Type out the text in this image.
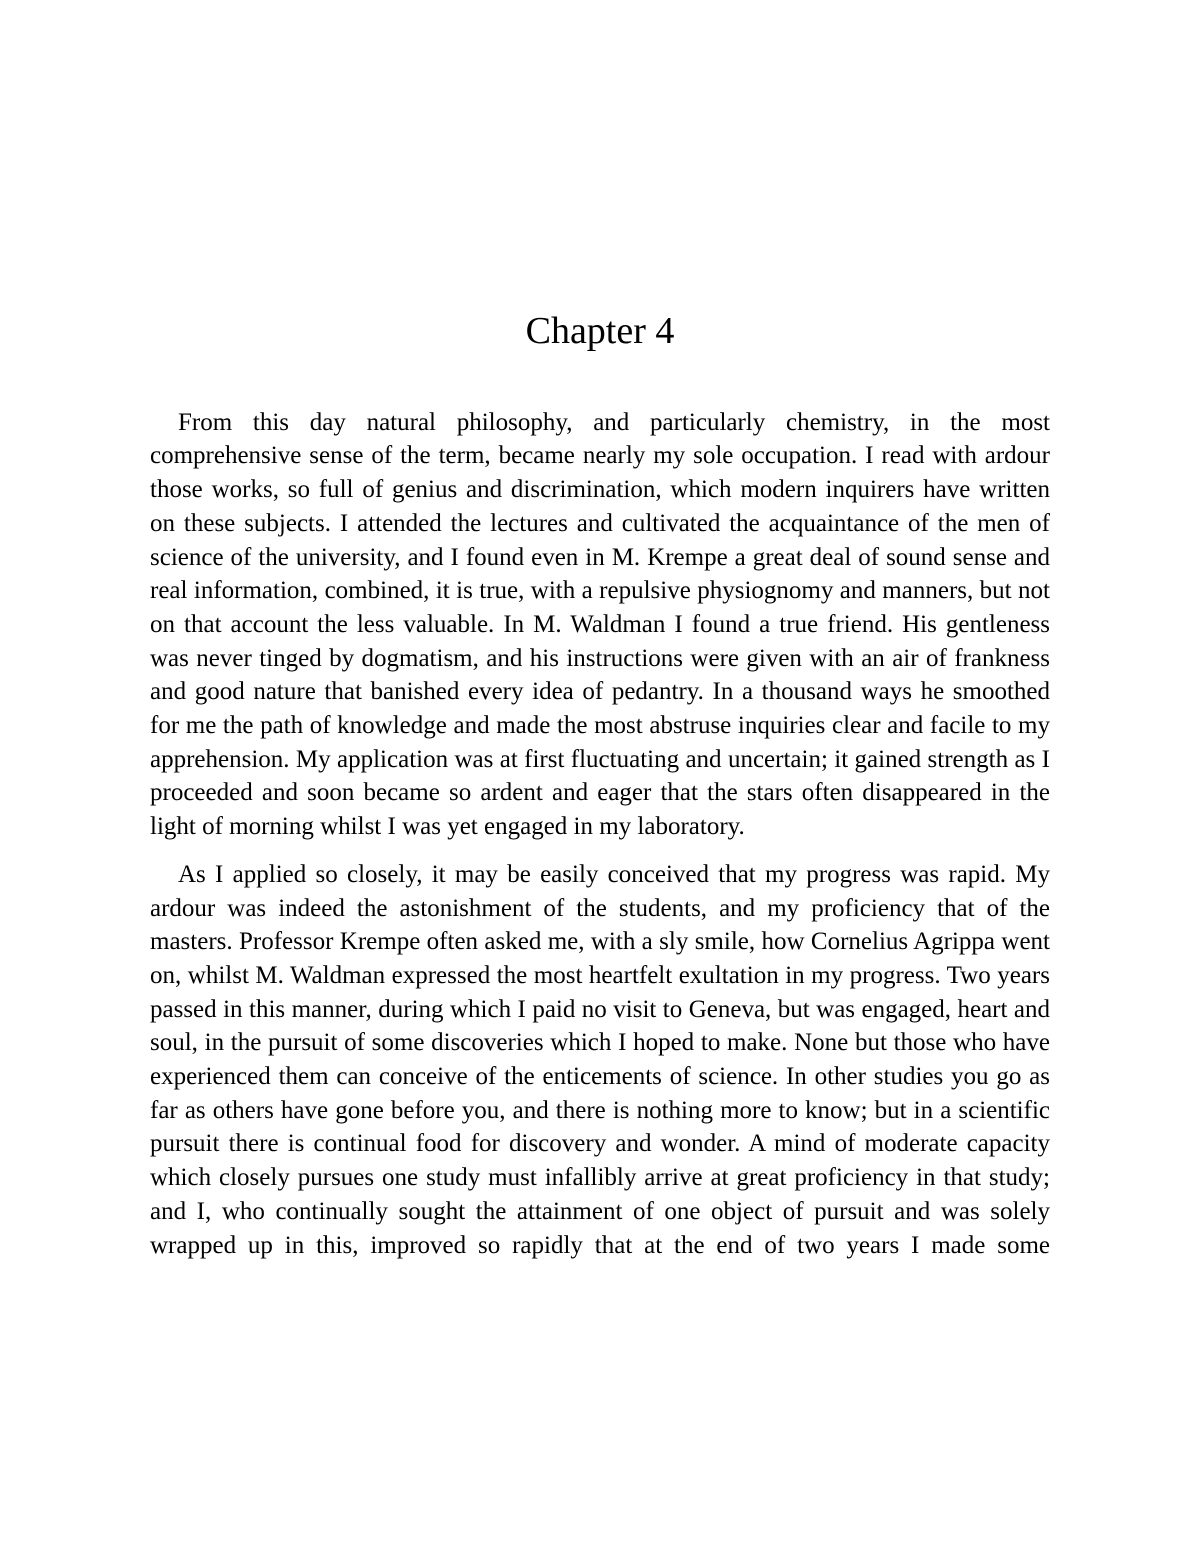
Chapter 4

From this day natural philosophy, and particularly chemistry, in the most comprehensive sense of the term, became nearly my sole occupation. I read with ardour those works, so full of genius and discrimination, which modern inquirers have written on these subjects. I attended the lectures and cultivated the acquaintance of the men of science of the university, and I found even in M. Krempe a great deal of sound sense and real information, combined, it is true, with a repulsive physiognomy and manners, but not on that account the less valuable. In M. Waldman I found a true friend. His gentleness was never tinged by dogmatism, and his instructions were given with an air of frankness and good nature that banished every idea of pedantry. In a thousand ways he smoothed for me the path of knowledge and made the most abstruse inquiries clear and facile to my apprehension. My application was at first fluctuating and uncertain; it gained strength as I proceeded and soon became so ardent and eager that the stars often disappeared in the light of morning whilst I was yet engaged in my laboratory.

As I applied so closely, it may be easily conceived that my progress was rapid. My ardour was indeed the astonishment of the students, and my proficiency that of the masters. Professor Krempe often asked me, with a sly smile, how Cornelius Agrippa went on, whilst M. Waldman expressed the most heartfelt exultation in my progress. Two years passed in this manner, during which I paid no visit to Geneva, but was engaged, heart and soul, in the pursuit of some discoveries which I hoped to make. None but those who have experienced them can conceive of the enticements of science. In other studies you go as far as others have gone before you, and there is nothing more to know; but in a scientific pursuit there is continual food for discovery and wonder. A mind of moderate capacity which closely pursues one study must infallibly arrive at great proficiency in that study; and I, who continually sought the attainment of one object of pursuit and was solely wrapped up in this, improved so rapidly that at the end of two years I made some
